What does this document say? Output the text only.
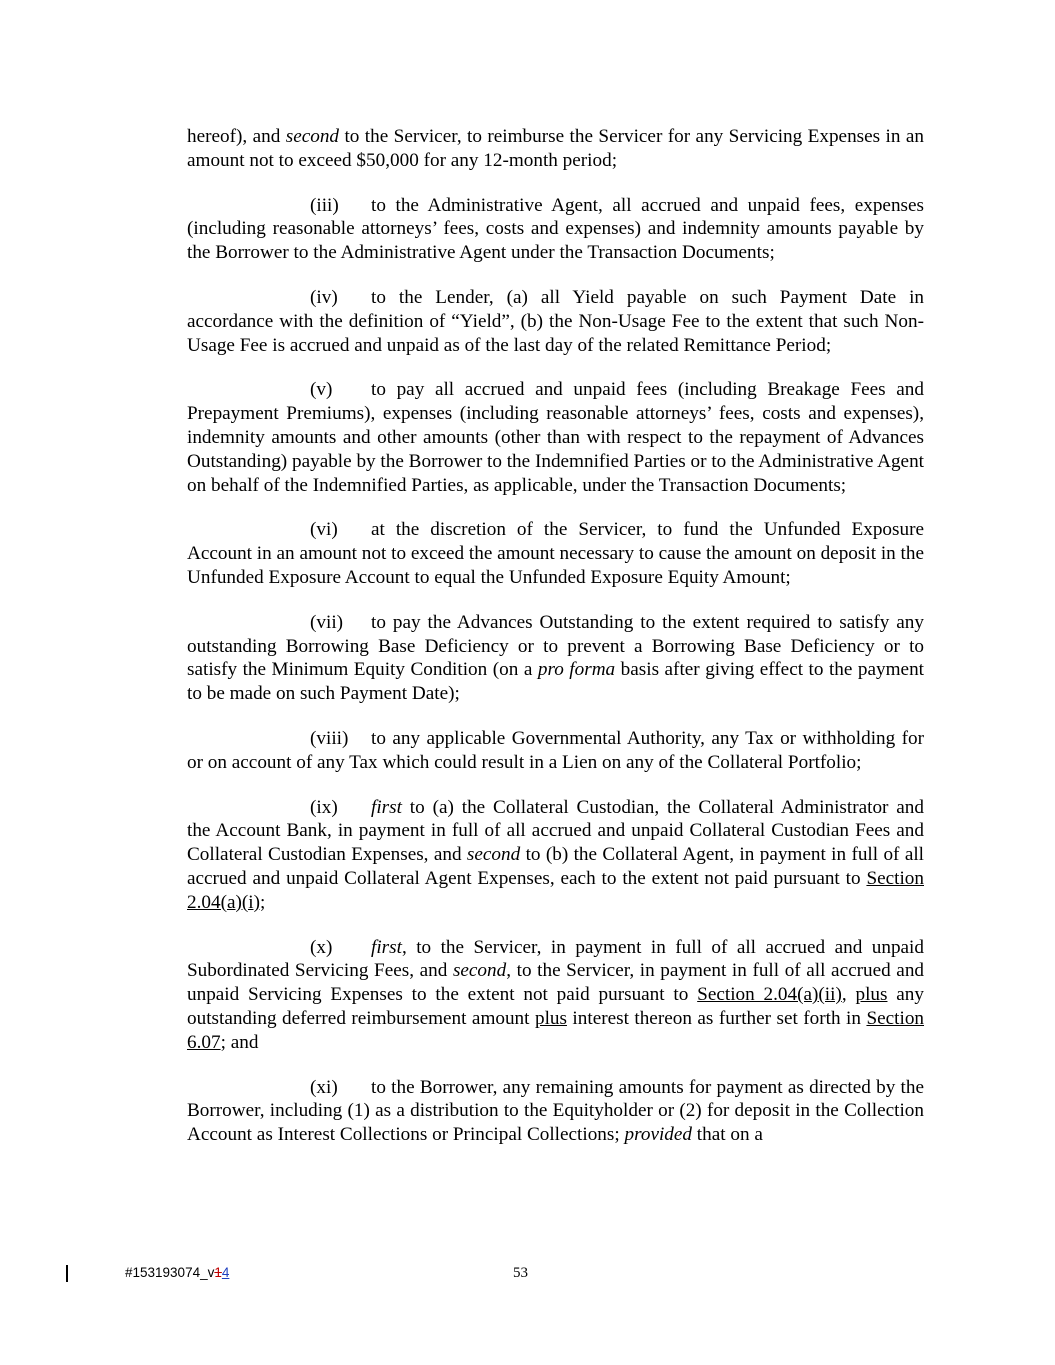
hereof), and second to the Servicer, to reimburse the Servicer for any Servicing Expenses in an amount not to exceed $50,000 for any 12-month period;

(iii) to the Administrative Agent, all accrued and unpaid fees, expenses (including reasonable attorneys’ fees, costs and expenses) and indemnity amounts payable by the Borrower to the Administrative Agent under the Transaction Documents;

(iv) to the Lender, (a) all Yield payable on such Payment Date in accordance with the definition of “Yield”, (b) the Non-Usage Fee to the extent that such Non-Usage Fee is accrued and unpaid as of the last day of the related Remittance Period;

(v) to pay all accrued and unpaid fees (including Breakage Fees and Prepayment Premiums), expenses (including reasonable attorneys’ fees, costs and expenses), indemnity amounts and other amounts (other than with respect to the repayment of Advances Outstanding) payable by the Borrower to the Indemnified Parties or to the Administrative Agent on behalf of the Indemnified Parties, as applicable, under the Transaction Documents;

(vi) at the discretion of the Servicer, to fund the Unfunded Exposure Account in an amount not to exceed the amount necessary to cause the amount on deposit in the Unfunded Exposure Account to equal the Unfunded Exposure Equity Amount;

(vii) to pay the Advances Outstanding to the extent required to satisfy any outstanding Borrowing Base Deficiency or to prevent a Borrowing Base Deficiency or to satisfy the Minimum Equity Condition (on a pro forma basis after giving effect to the payment to be made on such Payment Date);

(viii) to any applicable Governmental Authority, any Tax or withholding for or on account of any Tax which could result in a Lien on any of the Collateral Portfolio;

(ix) first to (a) the Collateral Custodian, the Collateral Administrator and the Account Bank, in payment in full of all accrued and unpaid Collateral Custodian Fees and Collateral Custodian Expenses, and second to (b) the Collateral Agent, in payment in full of all accrued and unpaid Collateral Agent Expenses, each to the extent not paid pursuant to Section 2.04(a)(i);

(x) first, to the Servicer, in payment in full of all accrued and unpaid Subordinated Servicing Fees, and second, to the Servicer, in payment in full of all accrued and unpaid Servicing Expenses to the extent not paid pursuant to Section 2.04(a)(ii), plus any outstanding deferred reimbursement amount plus interest thereon as further set forth in Section 6.07; and

(xi) to the Borrower, any remaining amounts for payment as directed by the Borrower, including (1) as a distribution to the Equityholder or (2) for deposit in the Collection Account as Interest Collections or Principal Collections; provided that on a

#153193074_v14	53
